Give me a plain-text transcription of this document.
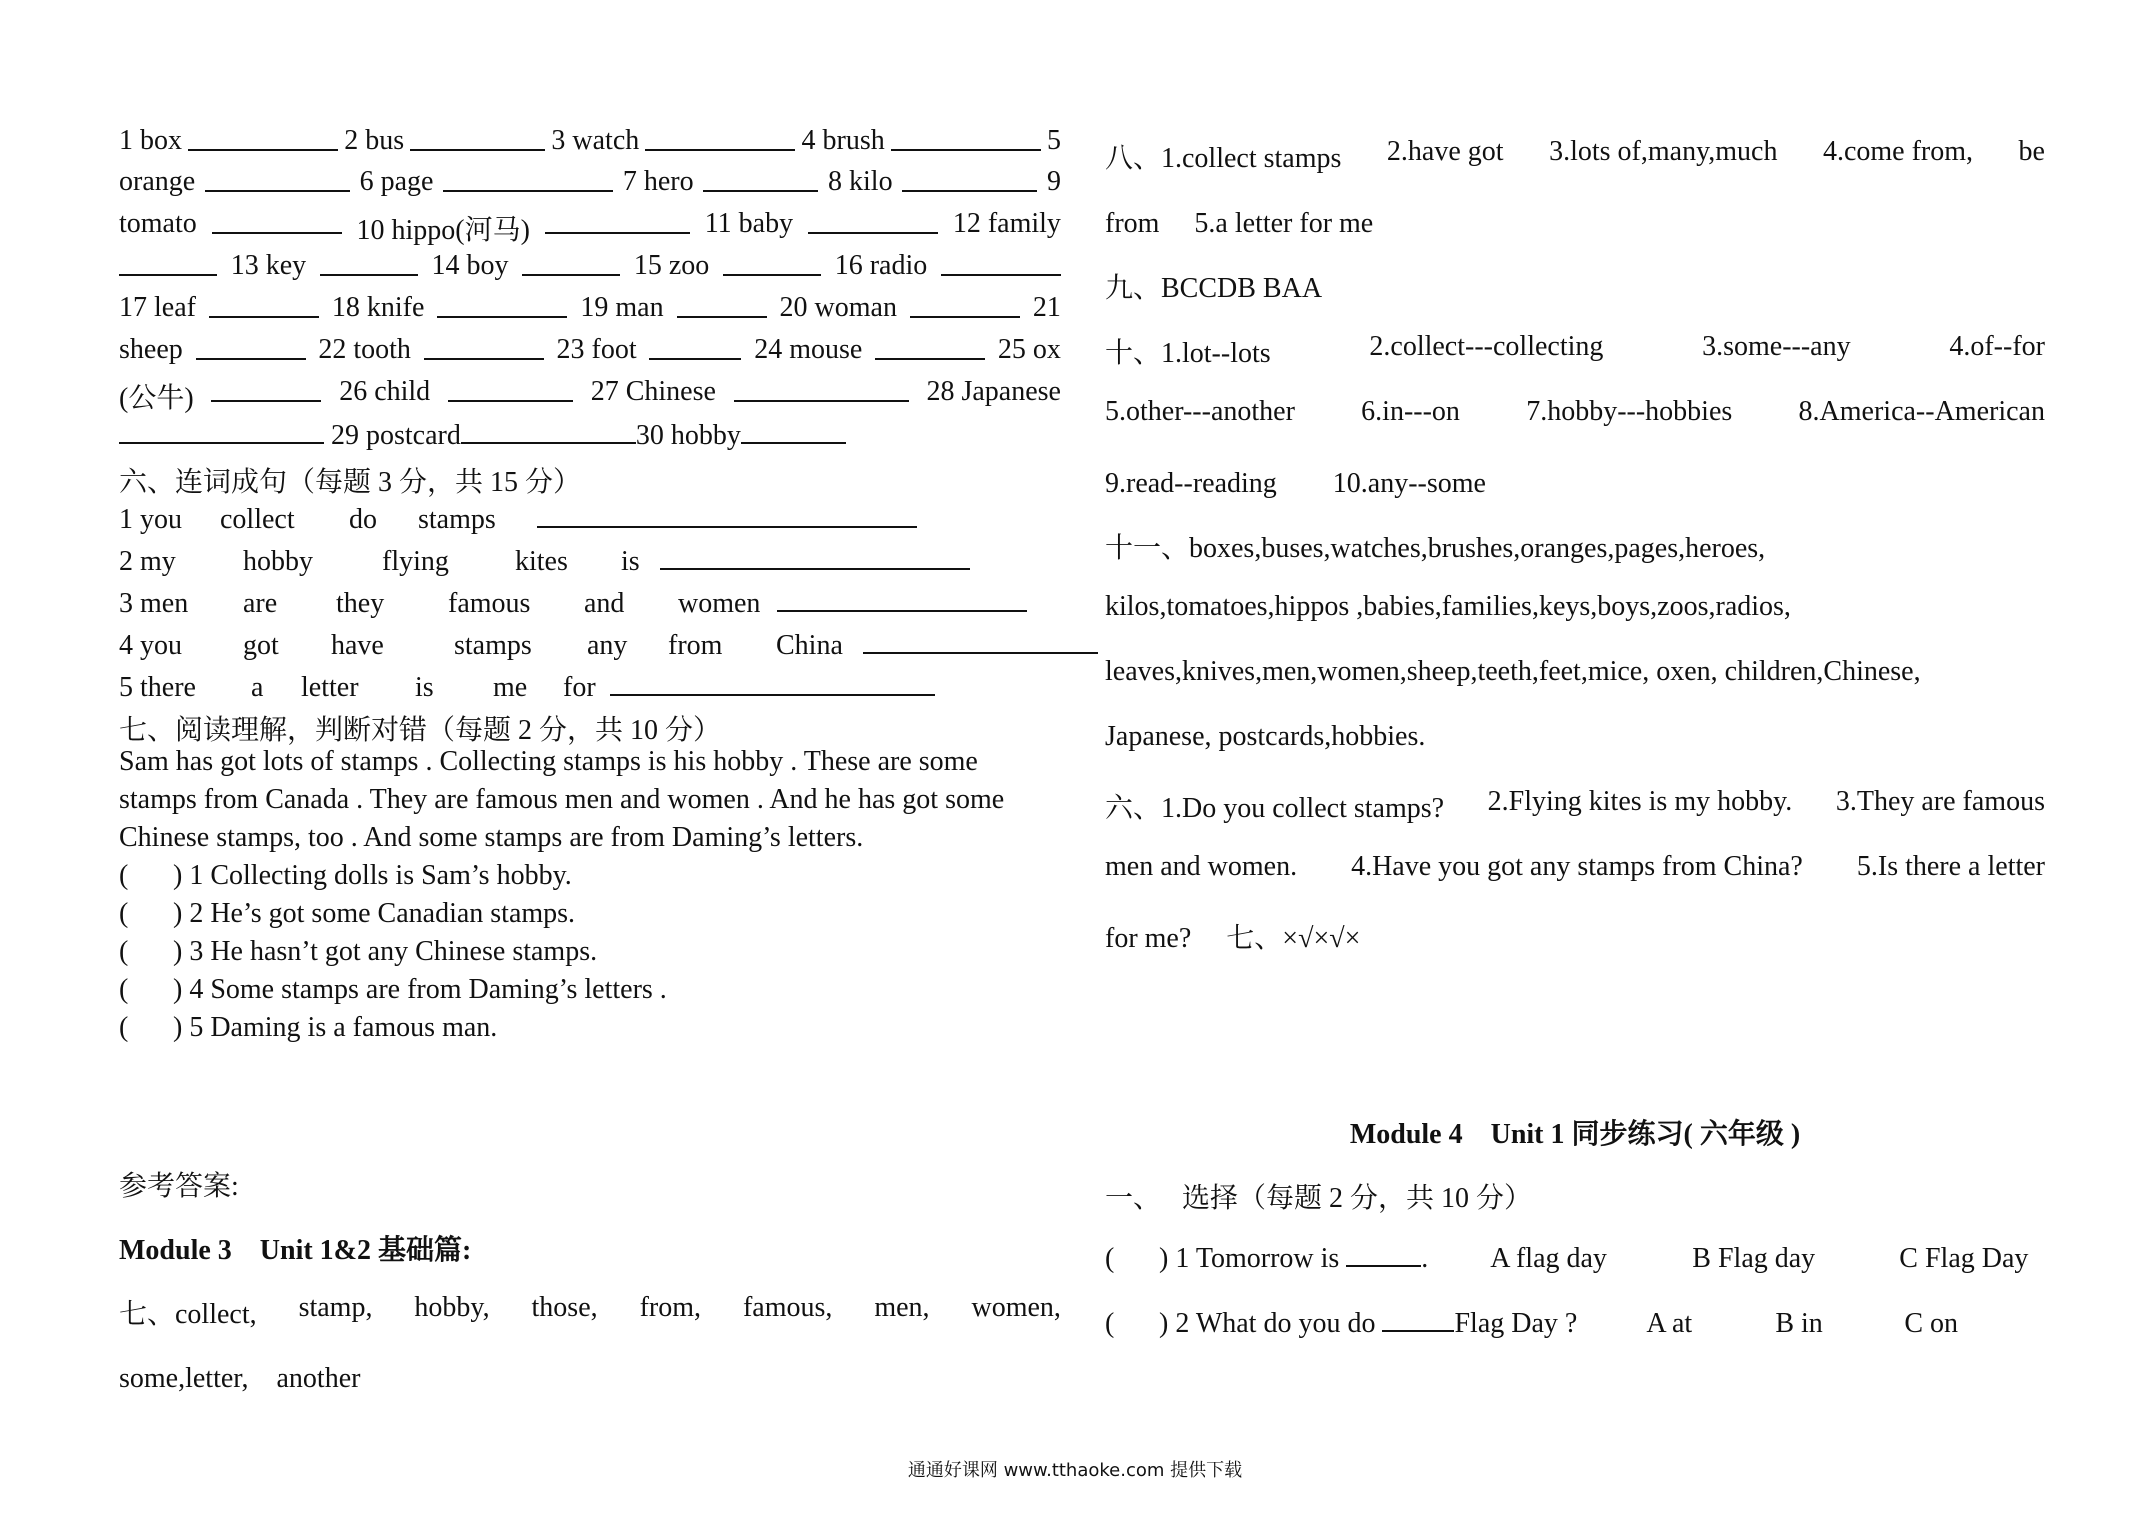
1 box	2 bus	3 watch	4 brush	5
orange	6 page	7 hero	8 kilo	9
tomato	10 hippo(河马)	11 baby	12 family
13 key	14 boy	15 zoo	16 radio
17 leaf	18 knife	19 man	20 woman	21
sheep	22 tooth	23 foot	24 mouse	25 ox
(公牛)	26 child	27 Chinese	28 Japanese
29 postcard	30 hobby
六、连词成句（每题 3 分，共 15 分）
1 you collect do stamps
2 my hobby flying kites is
3 men are they famous and women
4 you got have	stamps any from China
5 there a letter is me for
七、阅读理解，判断对错（每题 2 分，共 10 分）
Sam has got lots of stamps . Collecting stamps is his hobby . These are some
stamps from Canada . They are famous men and women . And he has got some
Chinese stamps, too . And some stamps are from Daming’s letters.
( ) 1 Collecting dolls is Sam’s hobby.
( ) 2 He’s got some Canadian stamps.
( ) 3 He hasn’t got any Chinese stamps.
( ) 4 Some stamps are from Daming’s letters .
( ) 5 Daming is a famous man.
参考答案:
Module 3　Unit 1&2 基础篇:
七、collect, stamp, hobby, those, from, famous, men, women,
some,letter,　another
八、1.collect stamps 2.have got 3.lots of,many,much 4.come from, be
from　 5.a letter for me
九、BCCDB BAA
十、1.lot--lots	2.collect---collecting	3.some---any	4.of--for
5.other---another 6.in---on 7.hobby---hobbies 8.America--American
9.read--reading　　10.any--some
十一、boxes,buses,watches,brushes,oranges,pages,heroes,
kilos,tomatoes,hippos ,babies,families,keys,boys,zoos,radios,
leaves,knives,men,women,sheep,teeth,feet,mice, oxen, children,Chinese,
Japanese, postcards,hobbies.
六、1.Do you collect stamps? 2.Flying kites is my hobby. 3.They are famous
men and women. 4.Have you got any stamps from China? 5.Is there a letter
for me?　 七、×√×√×
Module 4　Unit 1 同步练习( 六年级 )
一、　 选择（每题 2 分，共 10 分）
( ) 1 Tomorrow is	. A flag day	B Flag day	C Flag Day
( ) 2 What do you do	Flag Day ? A at	B in	C on
通通好课网 www.tthaoke.com 提供下载
